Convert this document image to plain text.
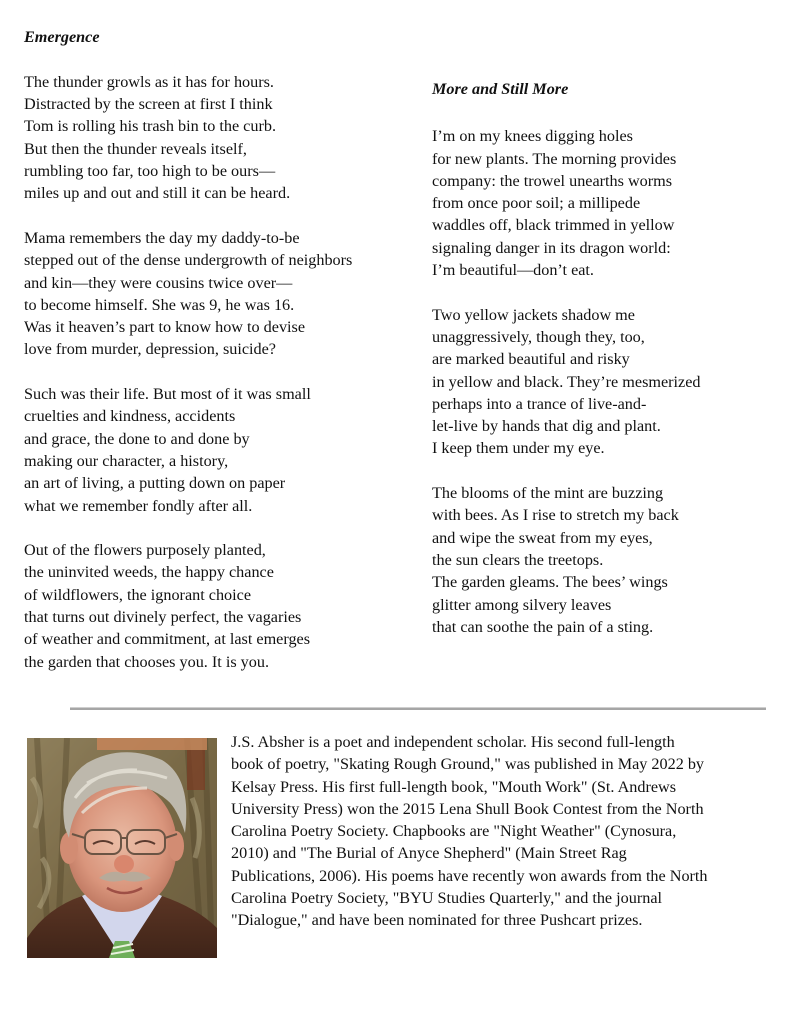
Emergence

The thunder growls as it has for hours.
Distracted by the screen at first I think
Tom is rolling his trash bin to the curb.
But then the thunder reveals itself,
rumbling too far, too high to be ours—
miles up and out and still it can be heard.

Mama remembers the day my daddy-to-be
stepped out of the dense undergrowth of neighbors
and kin—they were cousins twice over—
to become himself. She was 9, he was 16.
Was it heaven’s part to know how to devise
love from murder, depression, suicide?

Such was their life. But most of it was small
cruelties and kindness, accidents
and grace, the done to and done by
making our character, a history,
an art of living, a putting down on paper
what we remember fondly after all.

Out of the flowers purposely planted,
the uninvited weeds, the happy chance
of wildflowers, the ignorant choice
that turns out divinely perfect, the vagaries
of weather and commitment, at last emerges
the garden that chooses you. It is you.

More and Still More

I’m on my knees digging holes
for new plants. The morning provides
company: the trowel unearths worms
from once poor soil; a millipede
waddles off, black trimmed in yellow
signaling danger in its dragon world:
I’m beautiful—don’t eat.

Two yellow jackets shadow me
unaggressively, though they, too,
are marked beautiful and risky
in yellow and black. They’re mesmerized
perhaps into a trance of live-and-
let-live by hands that dig and plant.
I keep them under my eye.

The blooms of the mint are buzzing
with bees. As I rise to stretch my back
and wipe the sweat from my eyes,
the sun clears the treetops.
The garden gleams. The bees’ wings
glitter among silvery leaves
that can soothe the pain of a sting.

J.S. Absher is a poet and independent scholar. His second full-length
book of poetry, "Skating Rough Ground," was published in May 2022 by
Kelsay Press. His first full-length book, "Mouth Work" (St. Andrews
University Press) won the 2015 Lena Shull Book Contest from the North
Carolina Poetry Society. Chapbooks are "Night Weather" (Cynosura,
2010) and "The Burial of Anyce Shepherd" (Main Street Rag
Publications, 2006). His poems have recently won awards from the North
Carolina Poetry Society, "BYU Studies Quarterly," and the journal
"Dialogue," and have been nominated for three Pushcart prizes.
